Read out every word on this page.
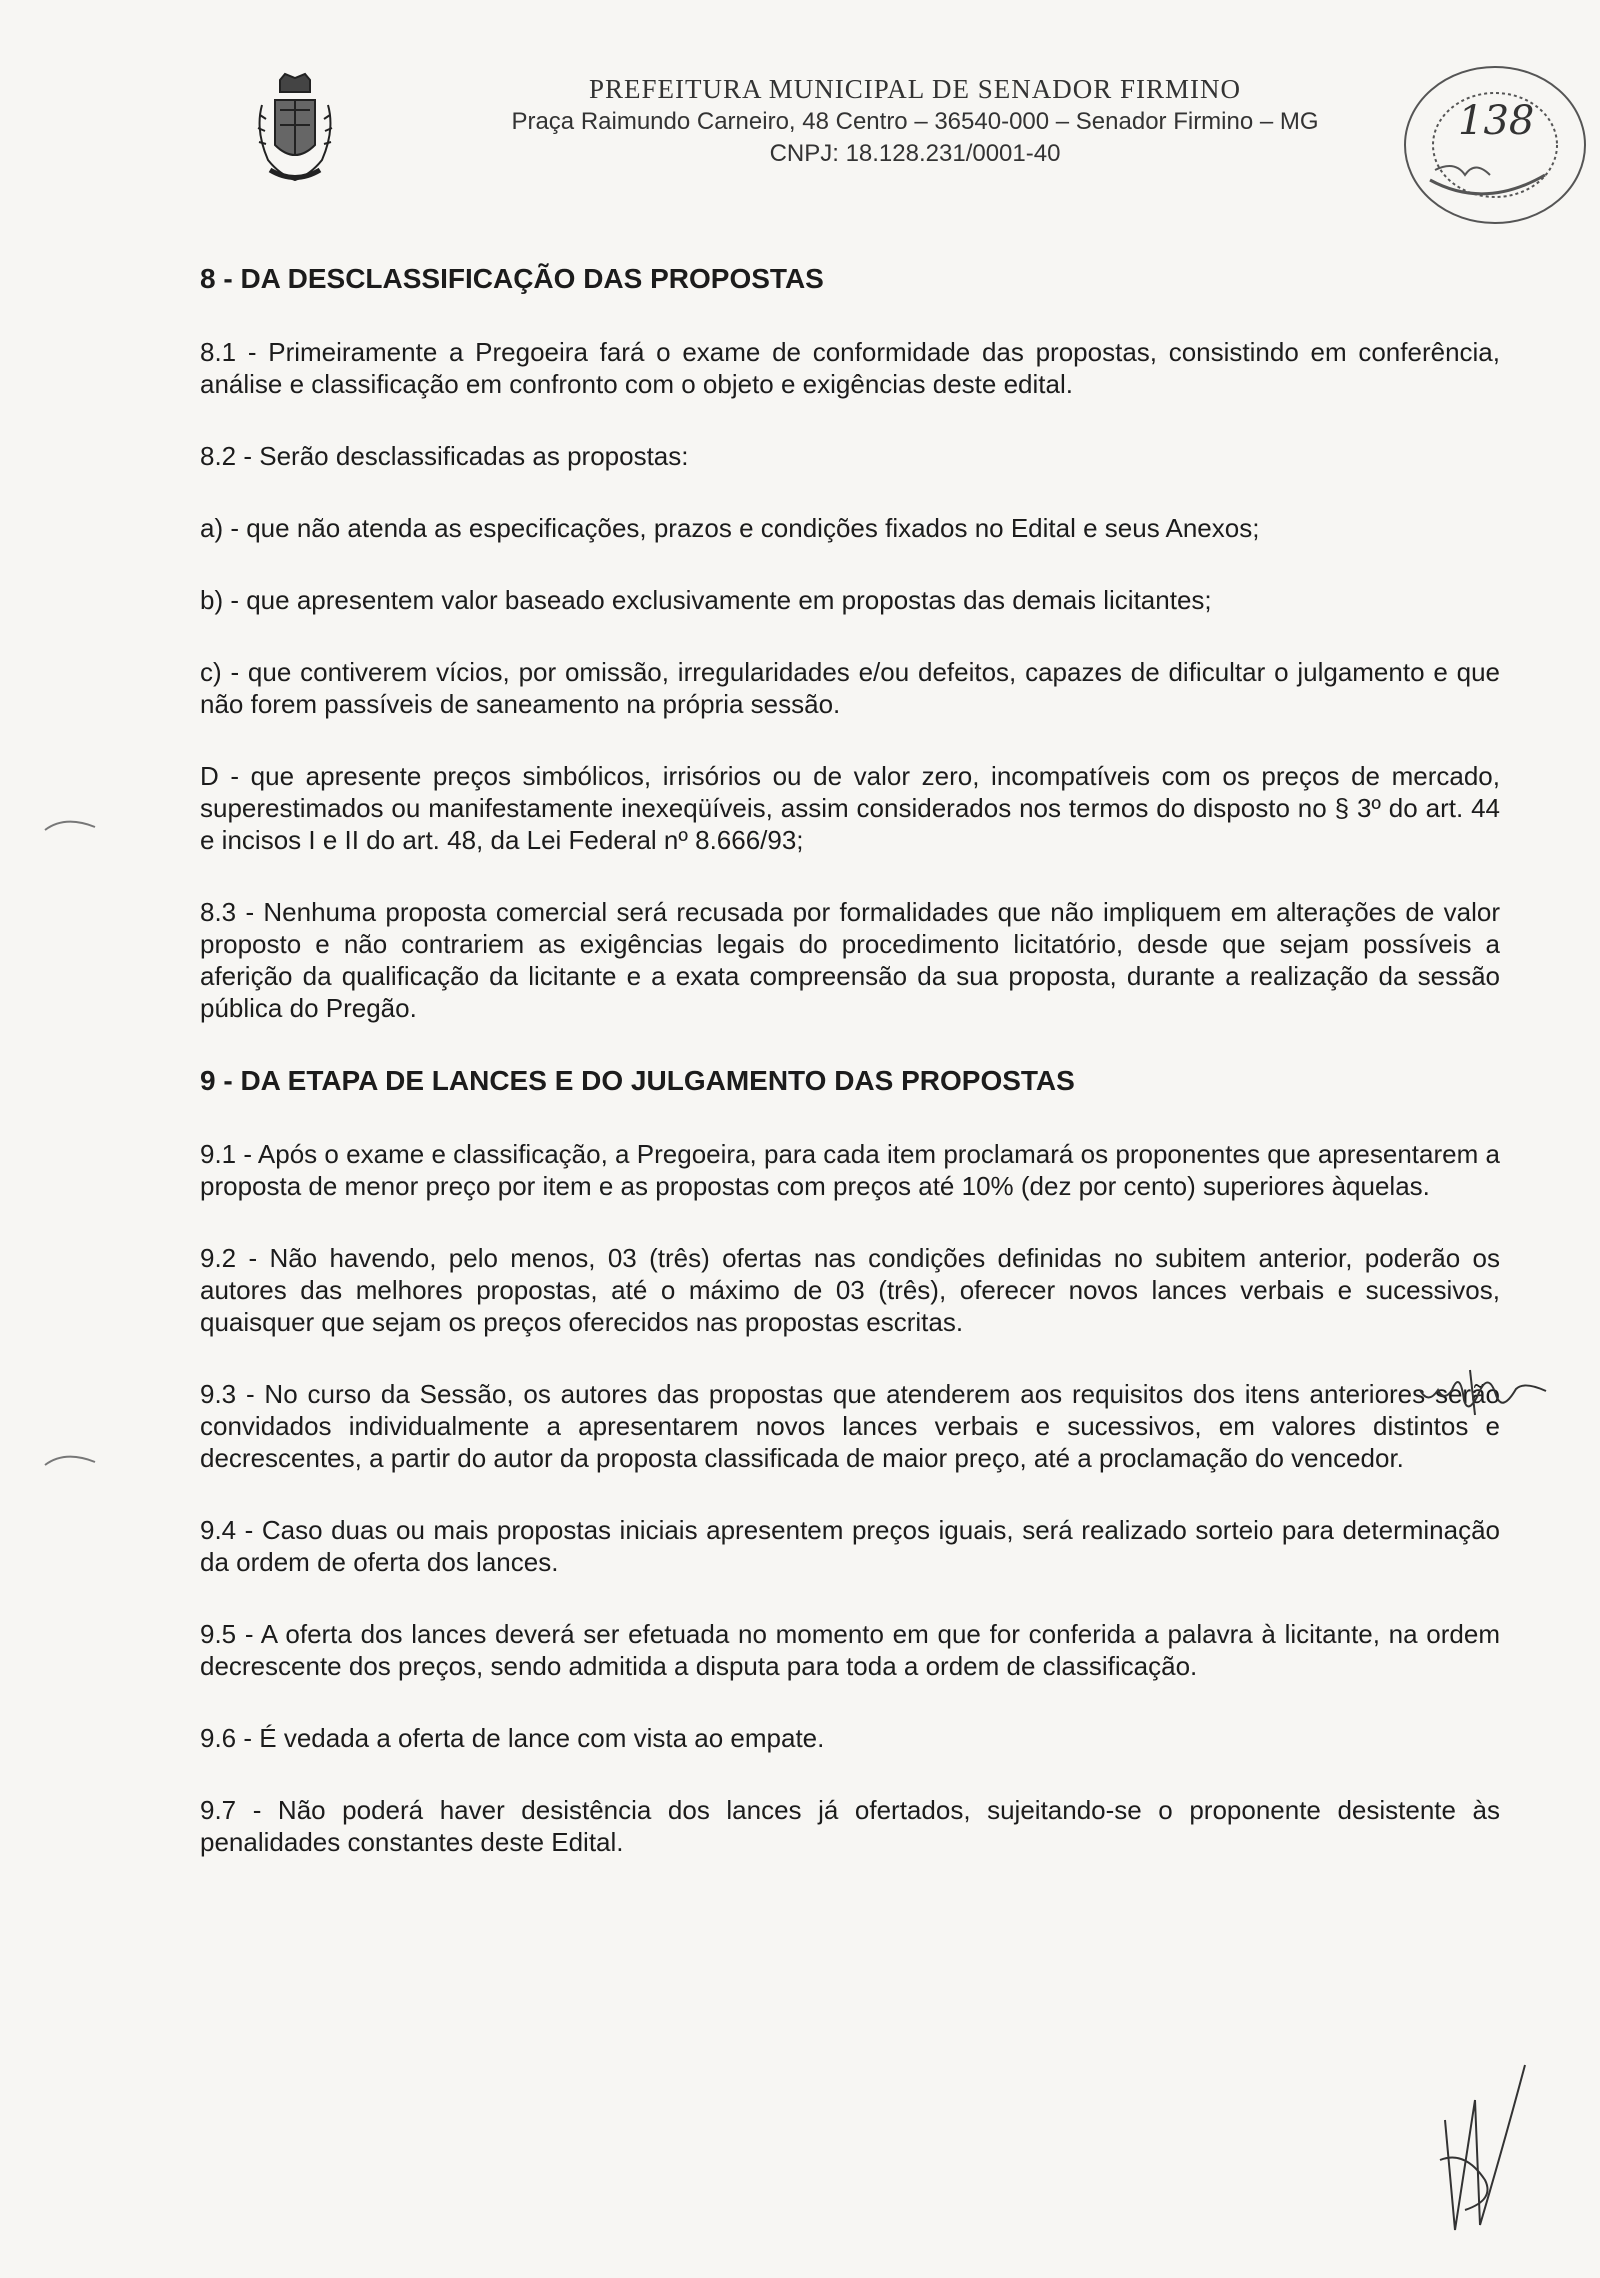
PREFEITURA MUNICIPAL DE SENADOR FIRMINO
Praça Raimundo Carneiro, 48 Centro – 36540-000 – Senador Firmino – MG
CNPJ: 18.128.231/0001-40
138
8 - DA DESCLASSIFICAÇÃO DAS PROPOSTAS
8.1 - Primeiramente a Pregoeira fará o exame de conformidade das propostas, consistindo em conferência, análise e classificação em confronto com o objeto e exigências deste edital.
8.2 - Serão desclassificadas as propostas:
a) - que não atenda as especificações, prazos e condições fixados no Edital e seus Anexos;
b) - que apresentem valor baseado exclusivamente em propostas das demais licitantes;
c) - que contiverem vícios, por omissão, irregularidades e/ou defeitos, capazes de dificultar o julgamento e que não forem passíveis de saneamento na própria sessão.
D - que apresente preços simbólicos, irrisórios ou de valor zero, incompatíveis com os preços de mercado, superestimados ou manifestamente inexeqüíveis, assim considerados nos termos do disposto no § 3º do art. 44 e incisos I e II do art. 48, da Lei Federal nº 8.666/93;
8.3 - Nenhuma proposta comercial será recusada por formalidades que não impliquem em alterações de valor proposto e não contrariem as exigências legais do procedimento licitatório, desde que sejam possíveis a aferição da qualificação da licitante e a exata compreensão da sua proposta, durante a realização da sessão pública do Pregão.
9 - DA ETAPA DE LANCES E DO JULGAMENTO DAS PROPOSTAS
9.1 - Após o exame e classificação, a Pregoeira, para cada item proclamará os proponentes que apresentarem a proposta de menor preço por item e as propostas com preços até 10% (dez por cento) superiores àquelas.
9.2 - Não havendo, pelo menos, 03 (três) ofertas nas condições definidas no subitem anterior, poderão os autores das melhores propostas, até o máximo de 03 (três), oferecer novos lances verbais e sucessivos, quaisquer que sejam os preços oferecidos nas propostas escritas.
9.3 - No curso da Sessão, os autores das propostas que atenderem aos requisitos dos itens anteriores serão convidados individualmente a apresentarem novos lances verbais e sucessivos, em valores distintos e decrescentes, a partir do autor da proposta classificada de maior preço, até a proclamação do vencedor.
9.4 - Caso duas ou mais propostas iniciais apresentem preços iguais, será realizado sorteio para determinação da ordem de oferta dos lances.
9.5 - A oferta dos lances deverá ser efetuada no momento em que for conferida a palavra à licitante, na ordem decrescente dos preços, sendo admitida a disputa para toda a ordem de classificação.
9.6 - É vedada a oferta de lance com vista ao empate.
9.7 - Não poderá haver desistência dos lances já ofertados, sujeitando-se o proponente desistente às penalidades constantes deste Edital.
